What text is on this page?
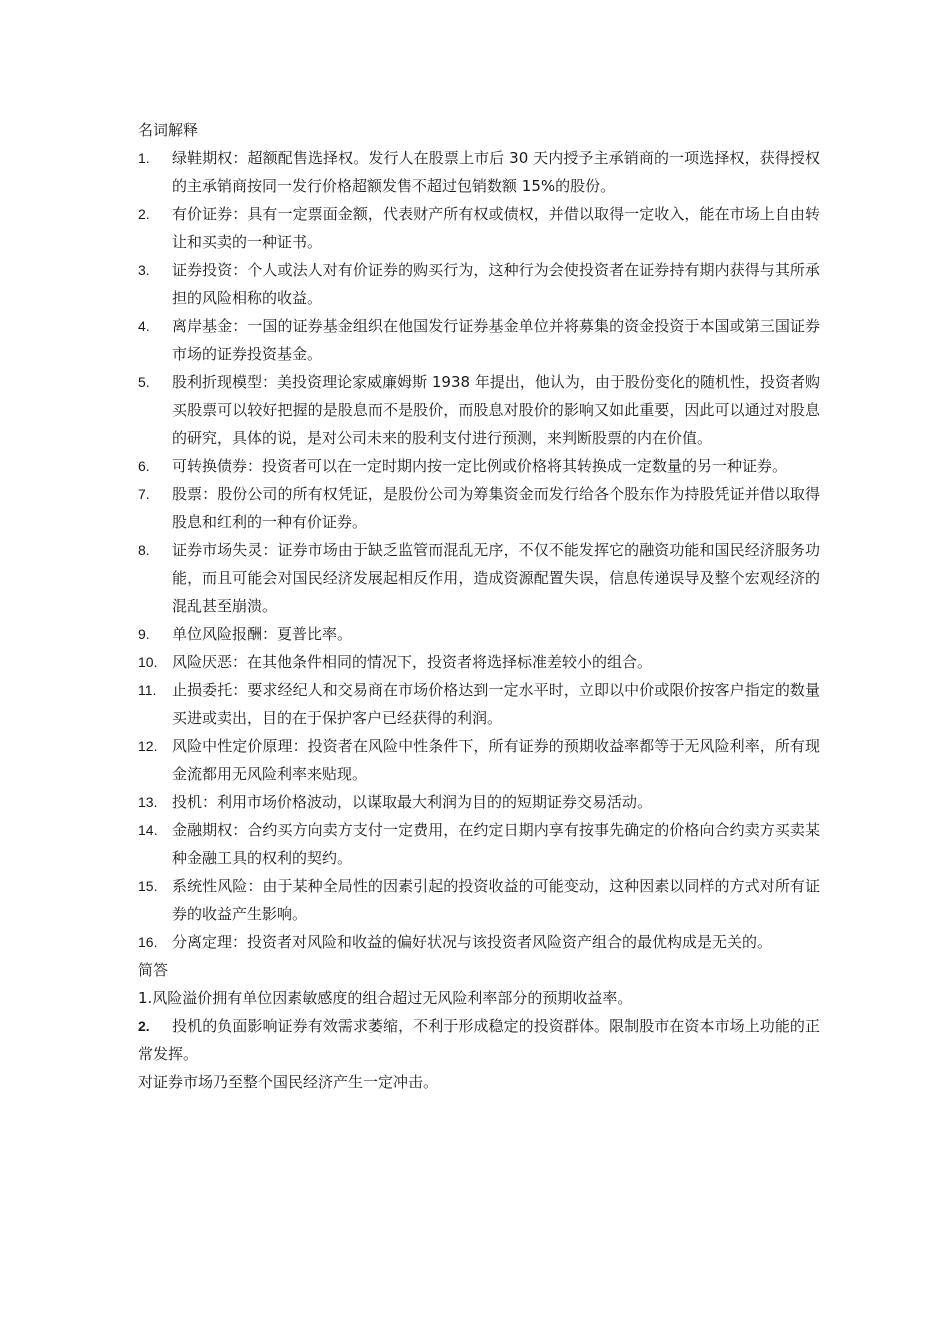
名词解释

1. 绿鞋期权：超额配售选择权。发行人在股票上市后 30 天内授予主承销商的一项选择权，获得授权的主承销商按同一发行价格超额发售不超过包销数额 15%的股份。
2. 有价证券：具有一定票面金额，代表财产所有权或债权，并借以取得一定收入，能在市场上自由转让和买卖的一种证书。
3. 证券投资：个人或法人对有价证券的购买行为，这种行为会使投资者在证券持有期内获得与其所承担的风险相称的收益。
4. 离岸基金：一国的证券基金组织在他国发行证券基金单位并将募集的资金投资于本国或第三国证券市场的证券投资基金。
5. 股利折现模型：美投资理论家威廉姆斯 1938 年提出，他认为，由于股份变化的随机性，投资者购买股票可以较好把握的是股息而不是股价，而股息对股价的影响又如此重要，因此可以通过对股息的研究，具体的说，是对公司未来的股利支付进行预测，来判断股票的内在价值。
6. 可转换债券：投资者可以在一定时期内按一定比例或价格将其转换成一定数量的另一种证券。
7. 股票：股份公司的所有权凭证，是股份公司为筹集资金而发行给各个股东作为持股凭证并借以取得股息和红利的一种有价证券。
8. 证券市场失灵：证券市场由于缺乏监管而混乱无序，不仅不能发挥它的融资功能和国民经济服务功能，而且可能会对国民经济发展起相反作用，造成资源配置失误，信息传递误导及整个宏观经济的混乱甚至崩溃。
9. 单位风险报酬：夏普比率。
10. 风险厌恶：在其他条件相同的情况下，投资者将选择标准差较小的组合。
11. 止损委托：要求经纪人和交易商在市场价格达到一定水平时，立即以中价或限价按客户指定的数量买进或卖出，目的在于保护客户已经获得的利润。
12. 风险中性定价原理：投资者在风险中性条件下，所有证券的预期收益率都等于无风险利率，所有现金流都用无风险利率来贴现。
13. 投机：利用市场价格波动，以谋取最大利润为目的的短期证券交易活动。
14. 金融期权：合约买方向卖方支付一定费用，在约定日期内享有按事先确定的价格向合约卖方买卖某种金融工具的权利的契约。
15. 系统性风险：由于某种全局性的因素引起的投资收益的可能变动，这种因素以同样的方式对所有证券的收益产生影响。
16. 分离定理：投资者对风险和收益的偏好状况与该投资者风险资产组合的最优构成是无关的。

简答

1.风险溢价拥有单位因素敏感度的组合超过无风险利率部分的预期收益率。

2. 投机的负面影响证券有效需求萎缩，不利于形成稳定的投资群体。限制股市在资本市场上功能的正常发挥。

对证券市场乃至整个国民经济产生一定冲击。
